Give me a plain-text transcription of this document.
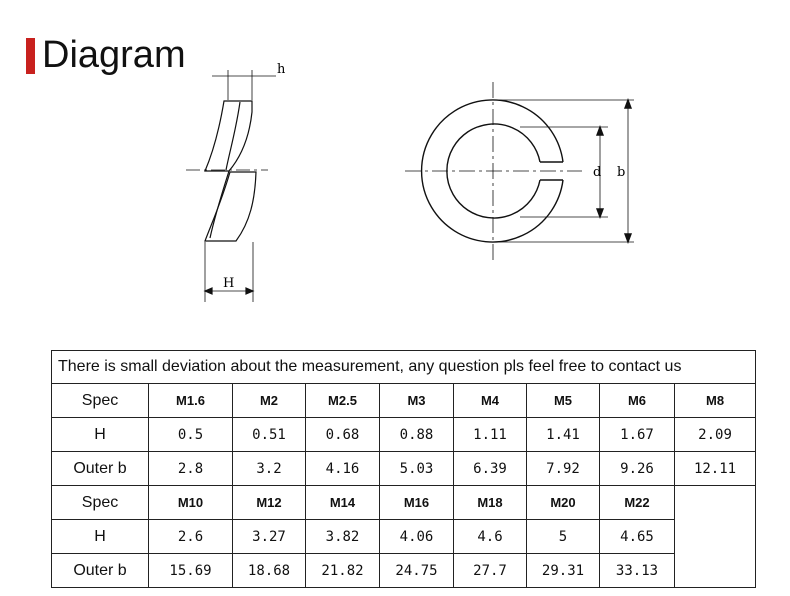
Diagram	h
H
d b
There is small deviation about the measurement, any question pls feel free to contact us								
Spec	M1.6	M2	M2.5	M3	M4	M5	M6	M8
H	0.5	0.51	0.68	0.88	1.11	1.41	1.67	2.09
Outer b	2.8	3.2	4.16	5.03	6.39	7.92	9.26	12.11
Spec	M10	M12	M14	M16	M18	M20	M22	
H	2.6	3.27	3.82	4.06	4.6	5	4.65	
Outer b	15.69	18.68	21.82	24.75	27.7	29.31	33.13	
